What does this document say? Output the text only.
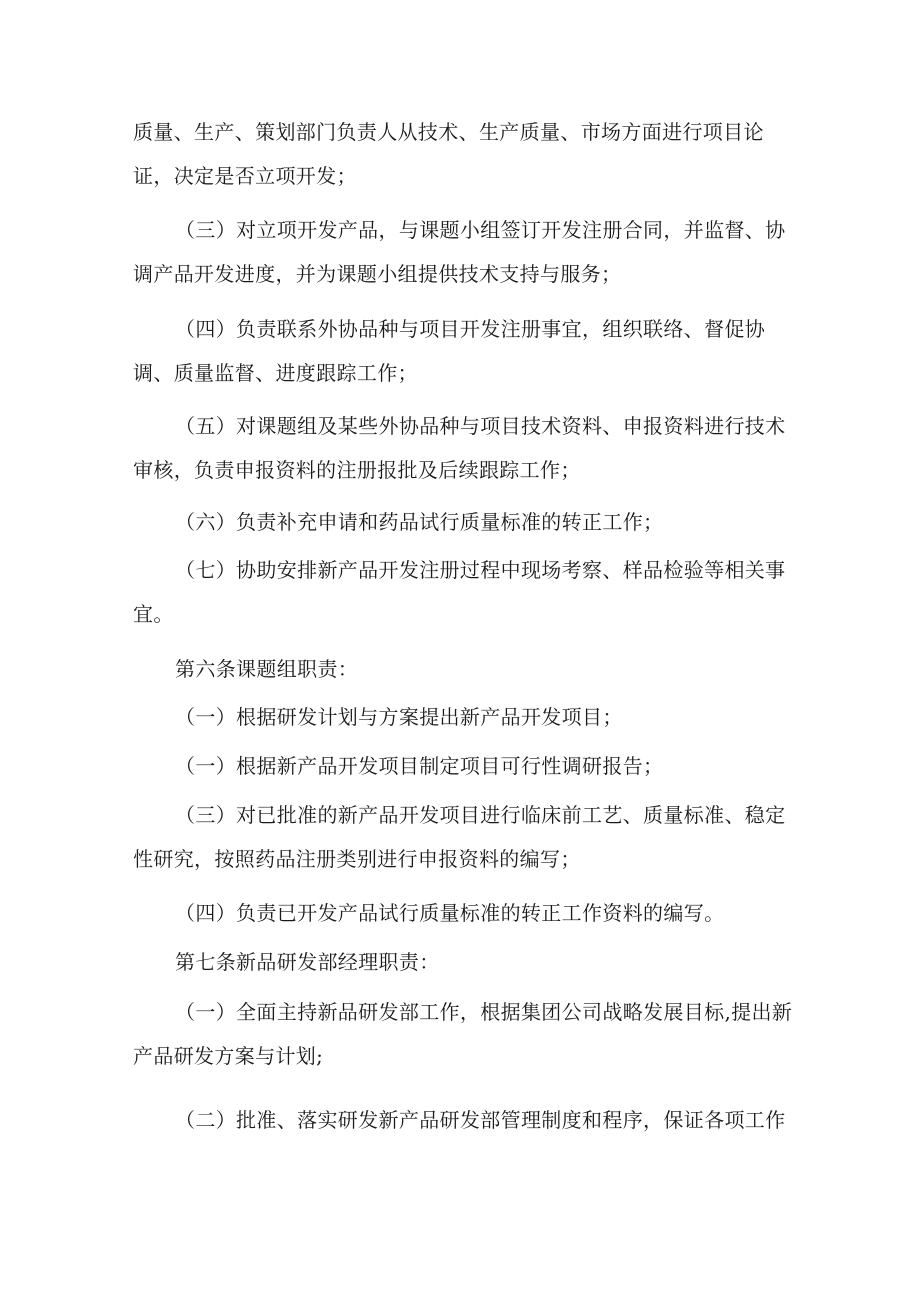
质量、生产、策划部门负责人从技术、生产质量、市场方面进行项目论证，决定是否立项开发；

（三）对立项开发产品，与课题小组签订开发注册合同，并监督、协调产品开发进度，并为课题小组提供技术支持与服务；

（四）负责联系外协品种与项目开发注册事宜，组织联络、督促协调、质量监督、进度跟踪工作；

（五）对课题组及某些外协品种与项目技术资料、申报资料进行技术审核，负责申报资料的注册报批及后续跟踪工作；

（六）负责补充申请和药品试行质量标准的转正工作；

（七）协助安排新产品开发注册过程中现场考察、样品检验等相关事宜。

第六条课题组职责：

（一）根据研发计划与方案提出新产品开发项目；

（一）根据新产品开发项目制定项目可行性调研报告；

（三）对已批准的新产品开发项目进行临床前工艺、质量标准、稳定性研究，按照药品注册类别进行申报资料的编写；

（四）负责已开发产品试行质量标准的转正工作资料的编写。

第七条新品研发部经理职责：

（一）全面主持新品研发部工作，根据集团公司战略发展目标,提出新产品研发方案与计划;

（二）批准、落实研发新产品研发部管理制度和程序，保证各项工作
